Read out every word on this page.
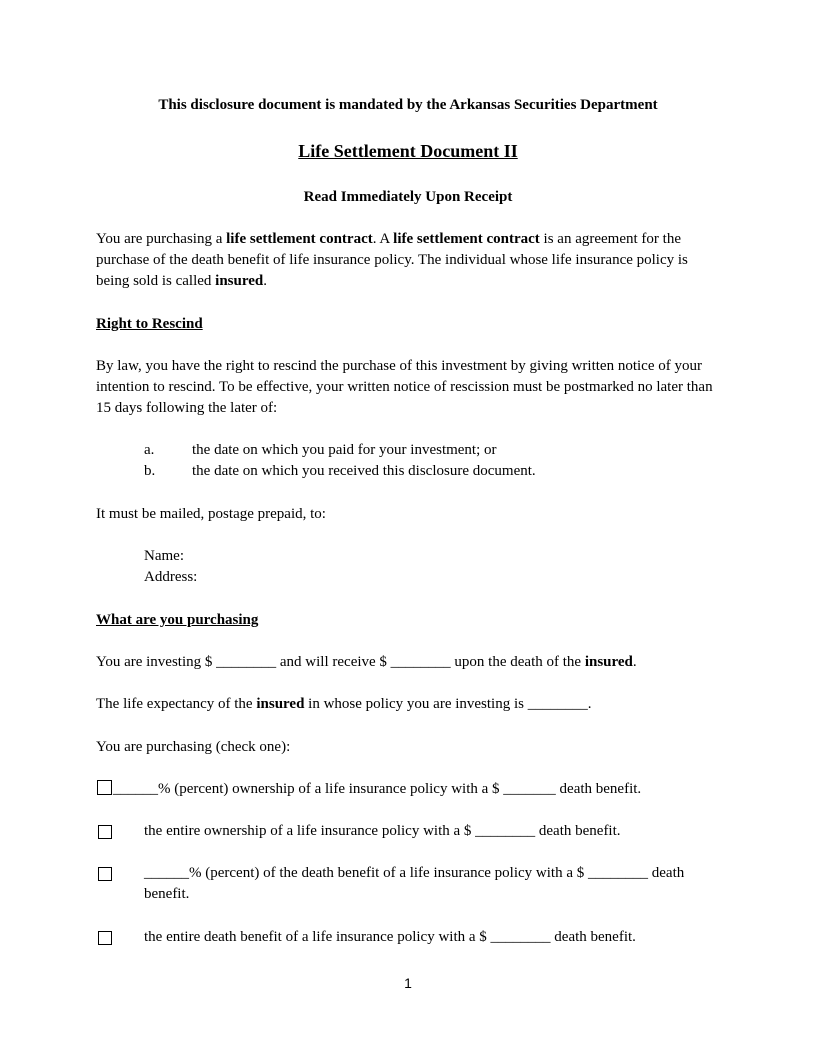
This disclosure document is mandated by the Arkansas Securities Department
Life Settlement Document II
Read Immediately Upon Receipt
You are purchasing a life settlement contract. A life settlement contract is an agreement for the purchase of the death benefit of life insurance policy. The individual whose life insurance policy is being sold is called insured.
Right to Rescind
By law, you have the right to rescind the purchase of this investment by giving written notice of your intention to rescind. To be effective, your written notice of rescission must be postmarked no later than 15 days following the later of:
a.	the date on which you paid for your investment; or
b. the date on which you received this disclosure document.
It must be mailed, postage prepaid, to:
Name:
Address:
What are you purchasing
You are investing $ ________ and will receive $ ________ upon the death of the insured.
The life expectancy of the insured in whose policy you are investing is ________.
You are purchasing (check one):
______% (percent) ownership of a life insurance policy with a $ _______ death benefit.
the entire ownership of a life insurance policy with a $ ________ death benefit.
______% (percent) of the death benefit of a life insurance policy with a $ ________ death benefit.
the entire death benefit of a life insurance policy with a $ ________ death benefit.
1
